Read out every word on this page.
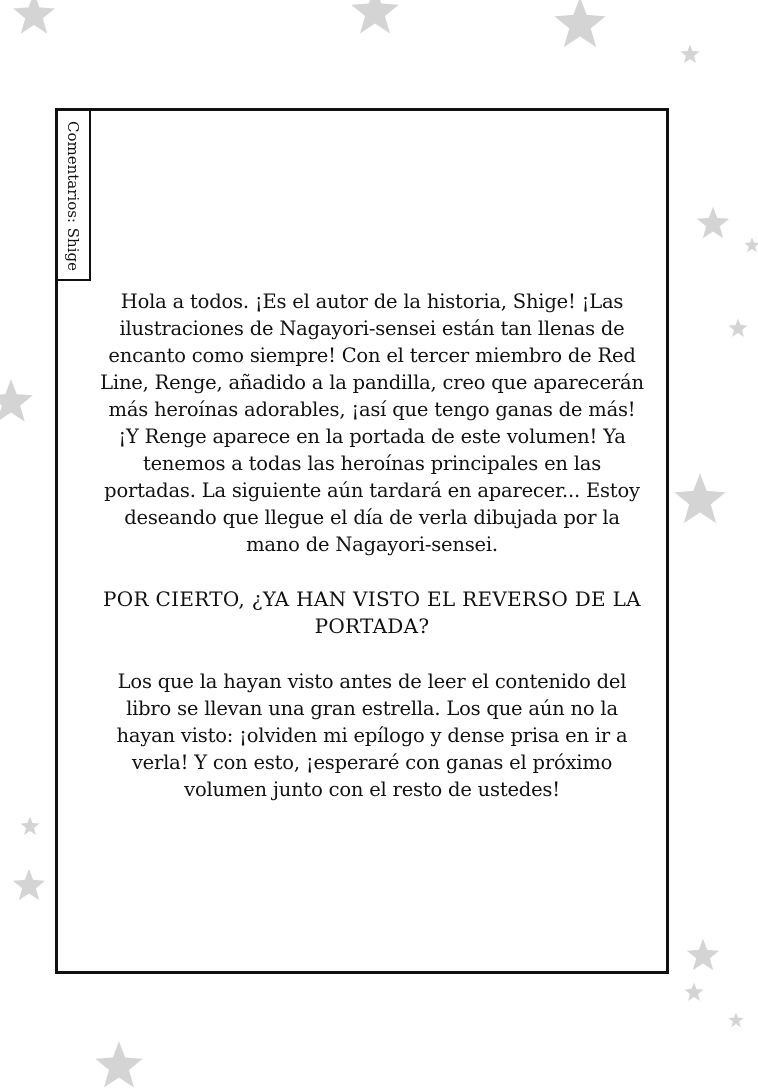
Comentarios: Shige

Hola a todos. ¡Es el autor de la historia, Shige! ¡Las ilustraciones de Nagayori-sensei están tan llenas de encanto como siempre! Con el tercer miembro de Red Line, Renge, añadido a la pandilla, creo que aparecerán más heroínas adorables, ¡así que tengo ganas de más! ¡Y Renge aparece en la portada de este volumen! Ya tenemos a todas las heroínas principales en las portadas. La siguiente aún tardará en aparecer... Estoy deseando que llegue el día de verla dibujada por la mano de Nagayori-sensei.

POR CIERTO, ¿YA HAN VISTO EL REVERSO DE LA PORTADA?

Los que la hayan visto antes de leer el contenido del libro se llevan una gran estrella. Los que aún no la hayan visto: ¡olviden mi epílogo y dense prisa en ir a verla! Y con esto, ¡esperaré con ganas el próximo volumen junto con el resto de ustedes!
